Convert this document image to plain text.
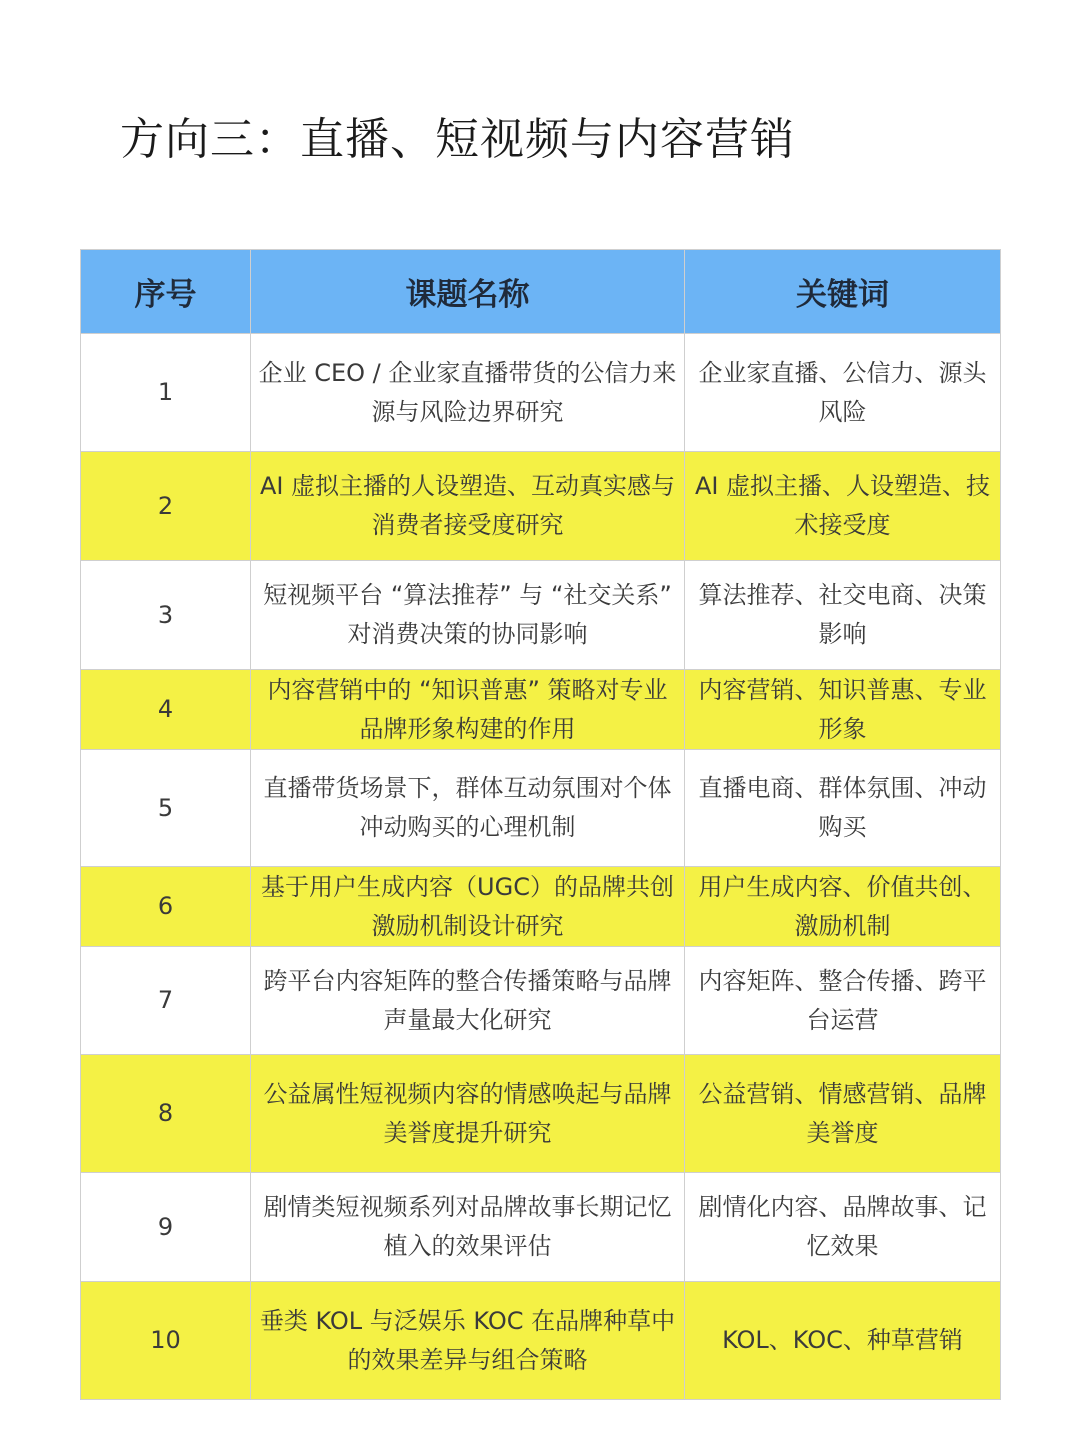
方向三：直播、短视频与内容营销
序号	课题名称	关键词
1	企业 CEO / 企业家直播带货的公信力来源与风险边界研究	企业家直播、公信力、源头风险
2	AI 虚拟主播的人设塑造、互动真实感与消费者接受度研究	AI 虚拟主播、人设塑造、技术接受度
3	短视频平台 “算法推荐” 与 “社交关系” 对消费决策的协同影响	算法推荐、社交电商、决策影响
4	内容营销中的 “知识普惠” 策略对专业品牌形象构建的作用	内容营销、知识普惠、专业形象
5	直播带货场景下，群体互动氛围对个体冲动购买的心理机制	直播电商、群体氛围、冲动购买
6	基于用户生成内容（UGC）的品牌共创激励机制设计研究	用户生成内容、价值共创、激励机制
7	跨平台内容矩阵的整合传播策略与品牌声量最大化研究	内容矩阵、整合传播、跨平台运营
8	公益属性短视频内容的情感唤起与品牌美誉度提升研究	公益营销、情感营销、品牌美誉度
9	剧情类短视频系列对品牌故事长期记忆植入的效果评估	剧情化内容、品牌故事、记忆效果
10	垂类 KOL 与泛娱乐 KOC 在品牌种草中的效果差异与组合策略	KOL、KOC、种草营销
